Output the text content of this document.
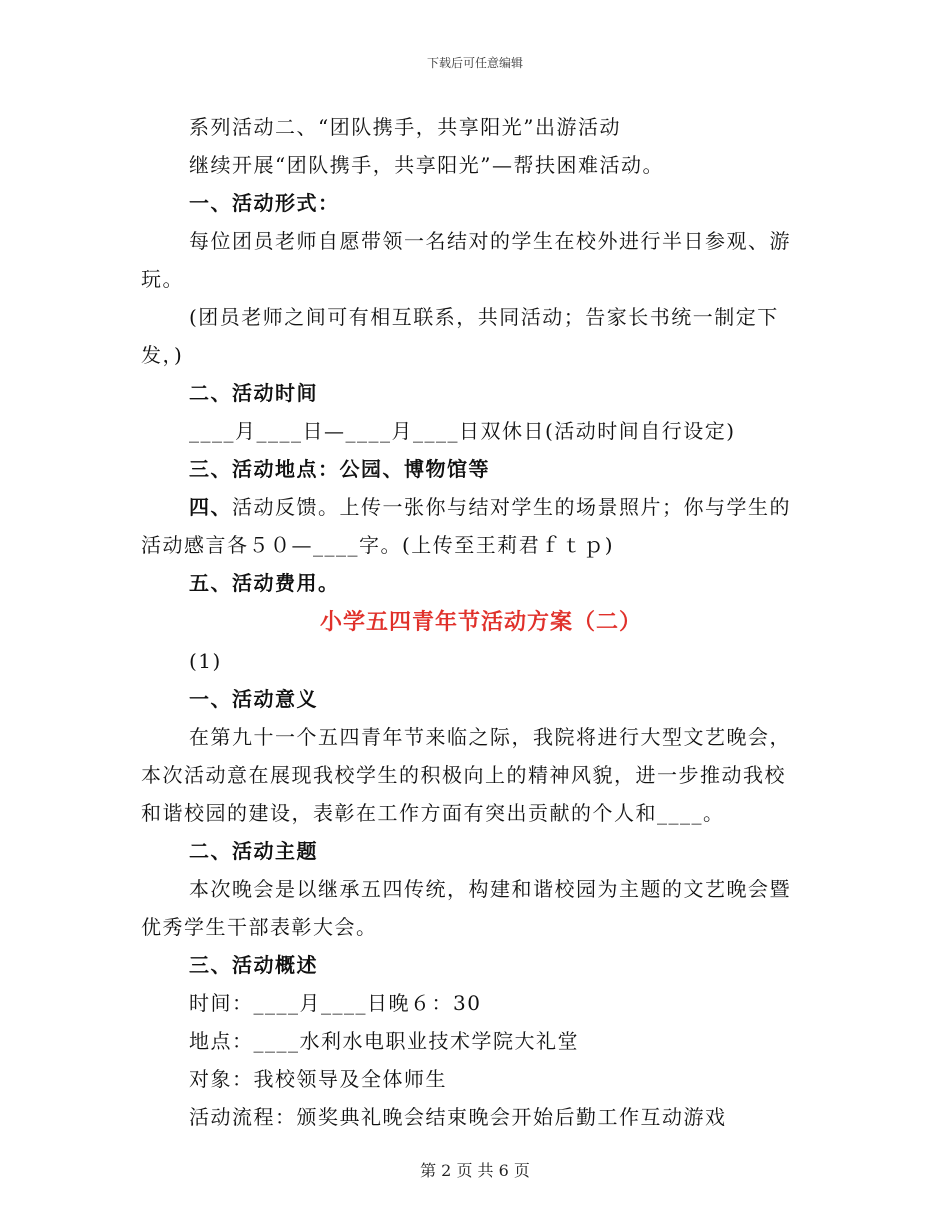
下载后可任意编辑
系列活动二、“团队携手，共享阳光”出游活动
继续开展“团队携手，共享阳光”—帮扶困难活动。
一、活动形式：
每位团员老师自愿带领一名结对的学生在校外进行半日参观、游
玩。
(团员老师之间可有相互联系，共同活动；告家长书统一制定下
发，)
二、活动时间
____月____日—____月____日双休日(活动时间自行设定)
三、活动地点：公园、博物馆等
四、活动反馈。上传一张你与结对学生的场景照片；你与学生的
活动感言各５０—____字。(上传至王莉君ｆｔｐ)
五、活动费用。
小学五四青年节活动方案（二）
(1)
一、活动意义
在第九十一个五四青年节来临之际，我院将进行大型文艺晚会，
本次活动意在展现我校学生的积极向上的精神风貌，进一步推动我校
和谐校园的建设，表彰在工作方面有突出贡献的个人和____。
二、活动主题
本次晚会是以继承五四传统，构建和谐校园为主题的文艺晚会暨
优秀学生干部表彰大会。
三、活动概述
时间：____月____日晚６：30
地点：____水利水电职业技术学院大礼堂
对象：我校领导及全体师生
活动流程：颁奖典礼晚会结束晚会开始后勤工作互动游戏
第 2 页 共 6 页
